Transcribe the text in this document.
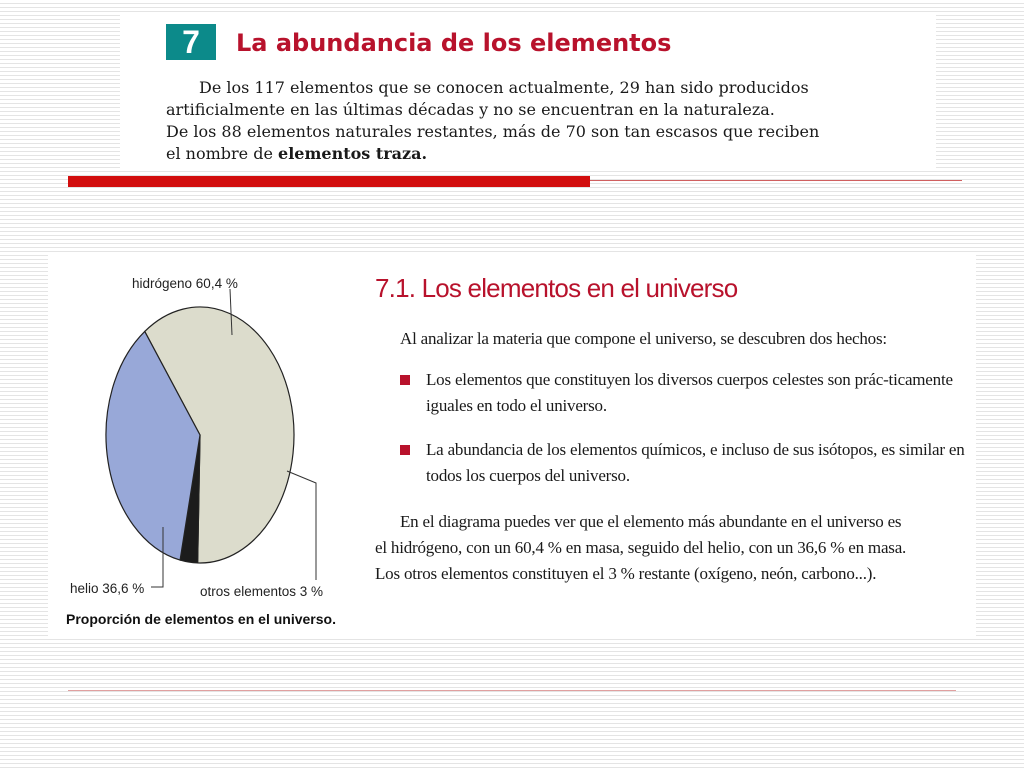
7	La abundancia de los elementos

De los 117 elementos que se conocen actualmente, 29 han sido producidos
artificialmente en las últimas décadas y no se encuentran en la naturaleza.
De los 88 elementos naturales restantes, más de 70 son tan escasos que reciben
el nombre de elementos traza.

hidrógeno 60,4 %
helio 36,6 %	otros elementos 3 %
Proporción de elementos en el universo.
7.1. Los elementos en el universo

Al analizar la materia que compone el universo, se descubren dos hechos:

Los elementos que constituyen los diversos cuerpos celestes son prác-ticamente iguales en todo el universo.
La abundancia de los elementos químicos, e incluso de sus isótopos, es similar en todos los cuerpos del universo.

En el diagrama puedes ver que el elemento más abundante en el universo es
el hidrógeno, con un 60,4 % en masa, seguido del helio, con un 36,6 % en masa.
Los otros elementos constituyen el 3 % restante (oxígeno, neón, carbono...).
